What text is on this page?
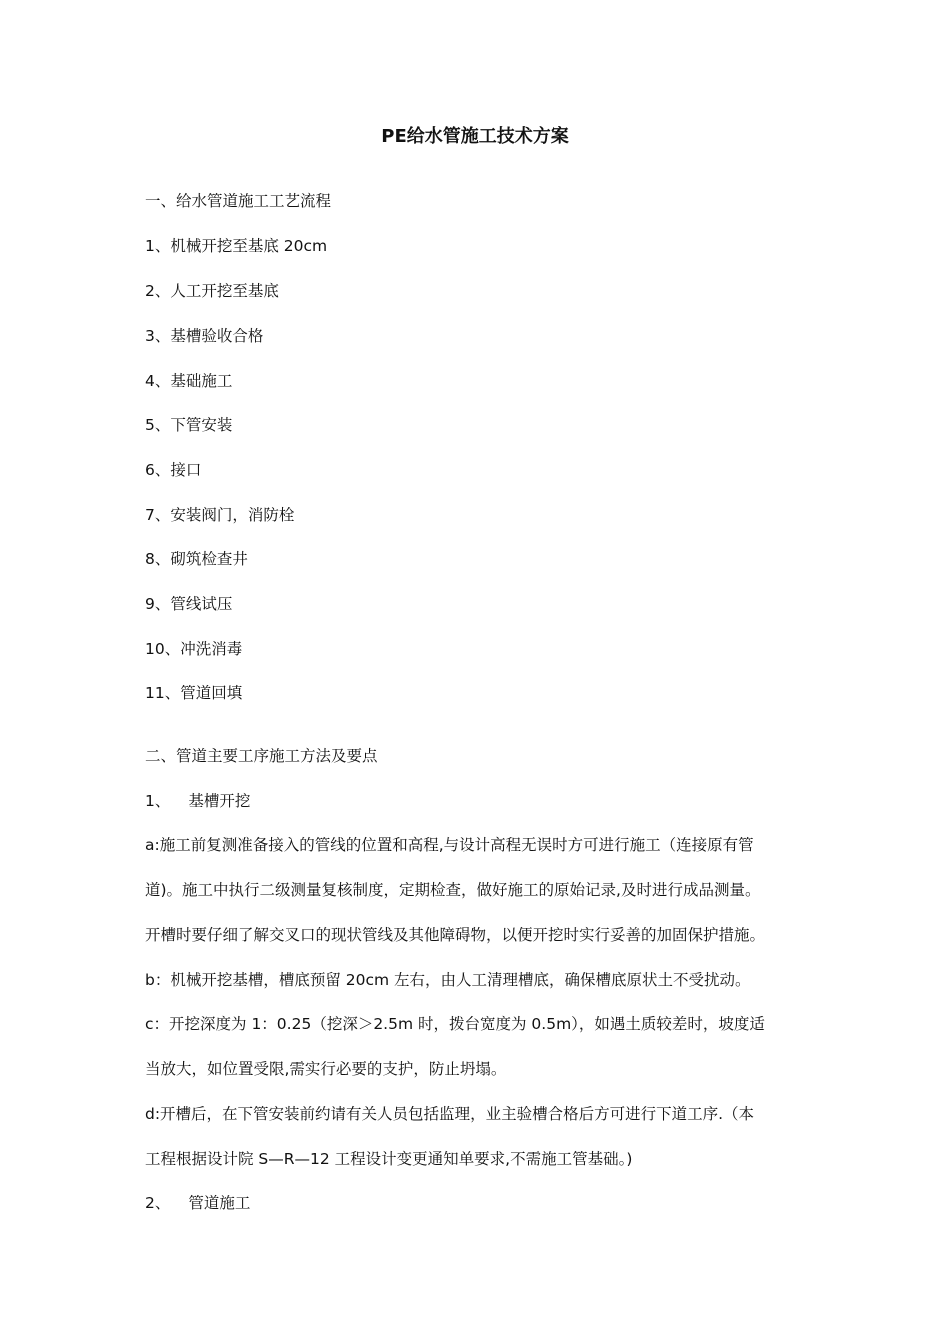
PE给水管施工技术方案
一、给水管道施工工艺流程
1、机械开挖至基底 20cm
2、人工开挖至基底
3、基槽验收合格
4、基础施工
5、下管安装
6、接口
7、安装阀门，消防栓
8、砌筑检查井
9、管线试压
10、冲洗消毒
11、管道回填
二、管道主要工序施工方法及要点
1、 基槽开挖
a:施工前复测准备接入的管线的位置和高程,与设计高程无误时方可进行施工（连接原有管
道)。施工中执行二级测量复核制度，定期检查，做好施工的原始记录,及时进行成品测量。
开槽时要仔细了解交叉口的现状管线及其他障碍物，以便开挖时实行妥善的加固保护措施。
b：机械开挖基槽，槽底预留 20cm 左右，由人工清理槽底，确保槽底原状土不受扰动。
c：开挖深度为 1：0.25（挖深＞2.5m 时，拨台宽度为 0.5m），如遇土质较差时，坡度适
当放大，如位置受限,需实行必要的支护，防止坍塌。
d:开槽后，在下管安装前约请有关人员包括监理，业主验槽合格后方可进行下道工序.（本
工程根据设计院 S—R—12 工程设计变更通知单要求,不需施工管基础。)
2、 管道施工
